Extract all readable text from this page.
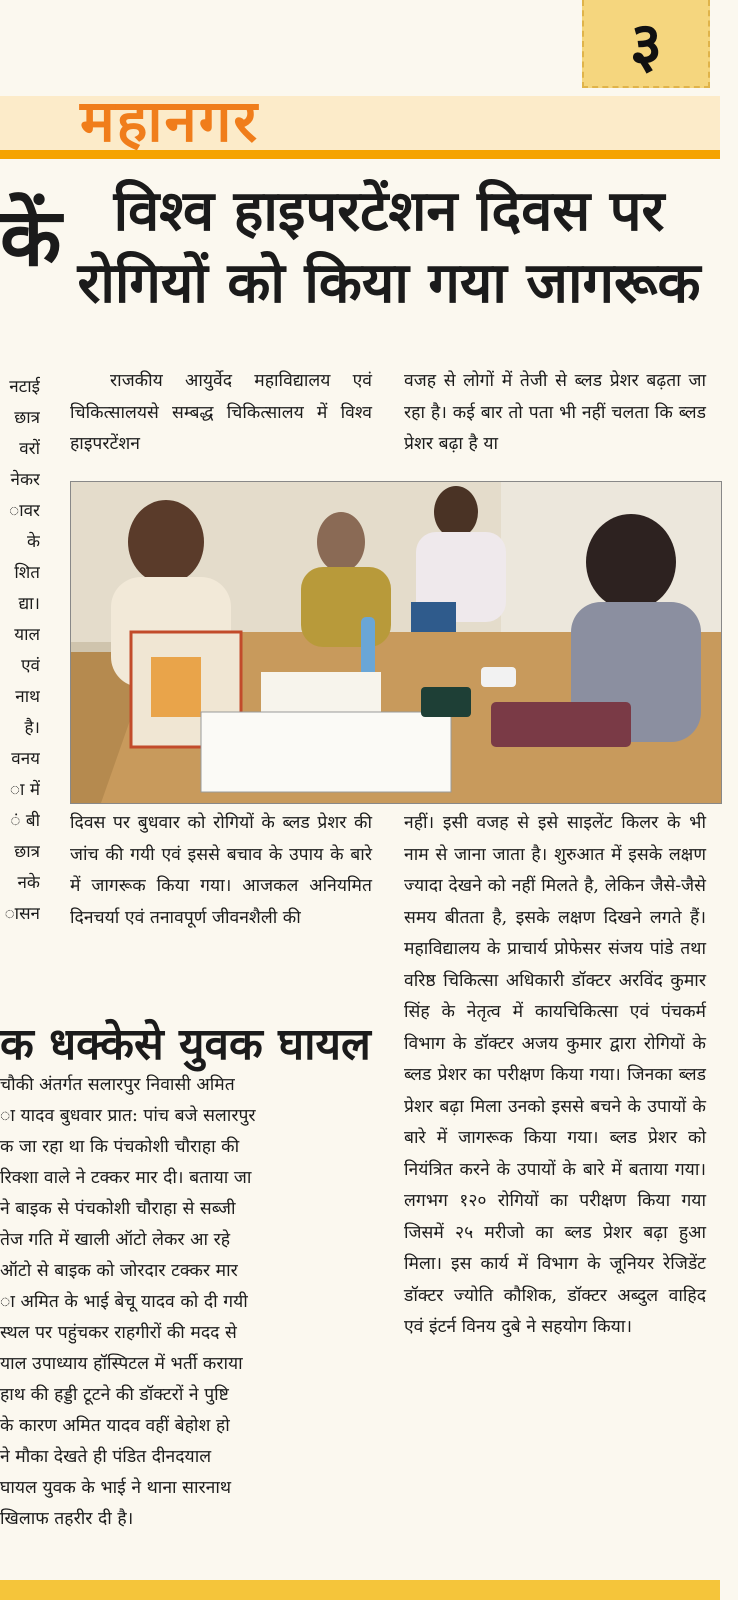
३
महानगर
कें विश्व हाइपरटेंशन दिवस पर
रोगियों को किया गया जागरूक
नटाई
छात्र
वरों
नेकर
ावर
के
शित
द्या।
याल
एवं
नाथ
है।
वनय
ा में
ं बी
छात्र
नके
ासन
राजकीय आयुर्वेद महाविद्यालय एवं चिकित्सालयसे सम्बद्ध चिकित्सालय में विश्व हाइपरटेंशन
वजह से लोगों में तेजी से ब्लड प्रेशर बढ़ता जा रहा है। कई बार तो पता भी नहीं चलता कि ब्लड प्रेशर बढ़ा है या
दिवस पर बुधवार को रोगियों के ब्लड प्रेशर की जांच की गयी एवं इससे बचाव के उपाय के बारे में जागरूक किया गया। आजकल अनियमित दिनचर्या एवं तनावपूर्ण जीवनशैली की
नहीं। इसी वजह से इसे साइलेंट किलर के भी नाम से जाना जाता है। शुरुआत में इसके लक्षण ज्यादा देखने को नहीं मिलते है, लेकिन जैसे-जैसे समय बीतता है, इसके लक्षण दिखने लगते हैं। महाविद्यालय के प्राचार्य प्रोफेसर संजय पांडे तथा वरिष्ठ चिकित्सा अधिकारी डॉक्टर अरविंद कुमार सिंह के नेतृत्व में कायचिकित्सा एवं पंचकर्म विभाग के डॉक्टर अजय कुमार द्वारा रोगियों के ब्लड प्रेशर का परीक्षण किया गया। जिनका ब्लड प्रेशर बढ़ा मिला उनको इससे बचने के उपायों के बारे में जागरूक किया गया। ब्लड प्रेशर को नियंत्रित करने के उपायों के बारे में बताया गया। लगभग १२० रोगियों का परीक्षण किया गया जिसमें २५ मरीजो का ब्लड प्रेशर बढ़ा हुआ मिला। इस कार्य में विभाग के जूनियर रेजिडेंट डॉक्टर ज्योति कौशिक, डॉक्टर अब्दुल वाहिद एवं इंटर्न विनय दुबे ने सहयोग किया।
क धक्केसे युवक घायल
चौकी अंतर्गत सलारपुर निवासी अमित
ा यादव बुधवार प्रात: पांच बजे सलारपुर
क जा रहा था कि पंचकोशी चौराहा की
रिक्शा वाले ने टक्कर मार दी। बताया जा
ने बाइक से पंचकोशी चौराहा से सब्जी
तेज गति में खाली ऑटो लेकर आ रहे
ऑटो से बाइक को जोरदार टक्कर मार
ा अमित के भाई बेचू यादव को दी गयी
स्थल पर पहुंचकर राहगीरों की मदद से
याल उपाध्याय हॉस्पिटल में भर्ती कराया
हाथ की हड्डी टूटने की डॉक्टरों ने पुष्टि
के कारण अमित यादव वहीं बेहोश हो
ने मौका देखते ही पंडित दीनदयाल
घायल युवक के भाई ने थाना सारनाथ
खिलाफ तहरीर दी है।
